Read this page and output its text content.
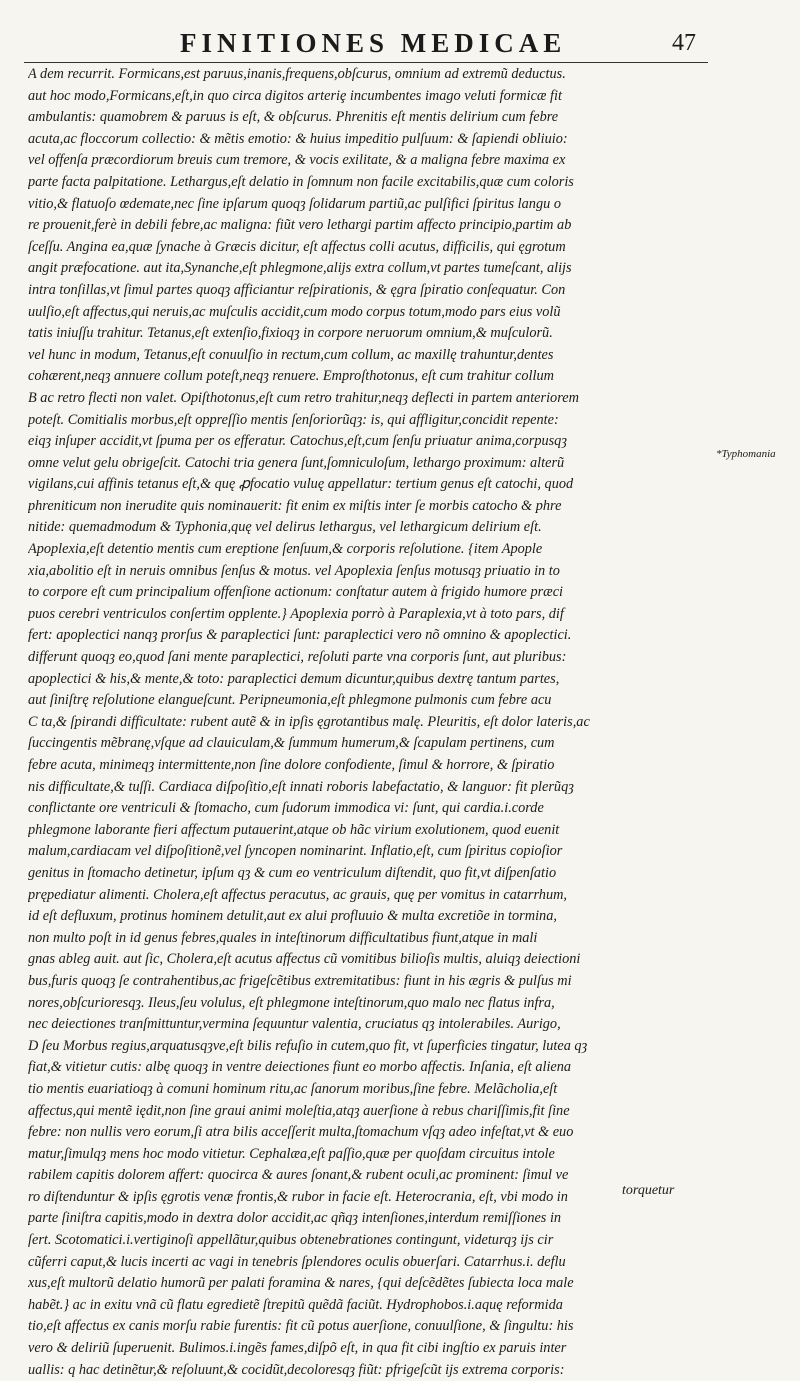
FINITIONES MEDICAE	47
A dem recurrit. Formicans,est paruus,inanis,frequens,obſcurus, omnium ad extremũ deductus.
aut hoc modo,Formicans,eſt,in quo circa digitos arteriȩ incumbentes imago veluti formicæ fit
ambulantis: quamobrem & paruus is eſt, & obſcurus. Phrenitis eſt mentis delirium cum febre
acuta,ac floccorum collectio: & mẽtis emotio: & huius impeditio pulſuum: & ſapiendi obliuio:
vel offenſa præcordiorum breuis cum tremore, & vocis exilitate, & a maligna febre maxima ex
parte facta palpitatione. Lethargus,eſt delatio in ſomnum non facile excitabilis,quæ cum coloris
vitio,& flatuoſo œdemate,nec ſine ipſarum quoqȝ ſolidarum partiũ,ac pulſifici ſpiritus langu o
re prouenit,ferè in debili febre,ac maligna: fiũt vero lethargi partim affecto principio,partim ab
ſceſſu. Angina ea,quæ ſynache à Græcis dicitur, eſt affectus colli acutus, difficilis, qui ęgrotum
angit præfocatione. aut ita,Synanche,eſt phlegmone,alijs extra collum,vt partes tumeſcant, alijs
intra tonſillas,vt ſimul partes quoqȝ afficiantur reſpirationis, & ęgra ſpiratio conſequatur. Con
uulſio,eſt affectus,qui neruis,ac muſculis accidit,cum modo corpus totum,modo pars eius volũ
tatis iniuſſu trahitur. Tetanus,eſt extenſio,fixioqȝ in corpore neruorum omnium,& muſculorũ.
vel hunc in modum, Tetanus,eſt conuulſio in rectum,cum collum, ac maxillę trahuntur,dentes
cohærent,neqȝ annuere collum poteſt,neqȝ renuere. Emproſthotonus, eſt cum trahitur collum
B ac retro flecti non valet. Opiſthotonus,eſt cum retro trahitur,neqȝ deflecti in partem anteriorem
poteſt. Comitialis morbus,eſt oppreſſio mentis ſenſoriorũqȝ: is, qui affligitur,concidit repente:
eiqȝ inſuper accidit,vt ſpuma per os efferatur. Catochus,eſt,cum ſenſu priuatur anima,corpusqȝ
omne velut gelu obrigeſcit. Catochi tria genera ſunt,ſomniculoſum, lethargo proximum: alterũ
vigilans,cui affinis tetanus eſt,& quę ꝓfocatio vuluę appellatur: tertium genus eſt catochi, quod
phreniticum non inerudite quis nominauerit: fit enim ex miſtis inter ſe morbis catocho & phre
nitide: quemadmodum & Typhonia,quę vel delirus lethargus, vel lethargicum delirium eſt.
Apoplexia,eſt detentio mentis cum ereptione ſenſuum,& corporis reſolutione. {item Apople
xia,abolitio eſt in neruis omnibus ſenſus & motus. vel Apoplexia ſenſus motusqȝ priuatio in to
to corpore eſt cum principalium offenſione actionum: conſtatur autem à frigido humore præci
puos cerebri ventriculos conſertim opplente.} Apoplexia porrò à Paraplexia,vt à toto pars, dif
fert: apoplectici nanqȝ prorſus & paraplectici ſunt: paraplectici vero nõ omnino & apoplectici.
differunt quoqȝ eo,quod ſani mente paraplectici, reſoluti parte vna corporis ſunt, aut pluribus:
apoplectici & his,& mente,& toto: paraplectici demum dicuntur,quibus dextrę tantum partes,
aut ſiniſtrę reſolutione elangueſcunt. Peripneumonia,eſt phlegmone pulmonis cum febre acu
C ta,& ſpirandi difficultate: rubent autẽ & in ipſis ęgrotantibus malę. Pleuritis, eſt dolor lateris,ac
ſuccingentis mẽbranę,vſque ad clauiculam,& ſummum humerum,& ſcapulam pertinens, cum
febre acuta, minimeqȝ intermittente,non ſine dolore confodiente, ſimul & horrore, & ſpiratio
nis difficultate,& tuſſi. Cardiaca diſpoſitio,eſt innati roboris labefactatio, & languor: fit plerũqȝ
conflictante ore ventriculi & ſtomacho, cum ſudorum immodica vi: ſunt, qui cardia.i.corde
phlegmone laborante fieri affectum putauerint,atque ob hãc virium exolutionem, quod euenit
malum,cardiacam vel diſpoſitionẽ,vel ſyncopen nominarint. Inflatio,eſt, cum ſpiritus copioſior
genitus in ſtomacho detinetur, ipſum qȝ & cum eo ventriculum diſtendit, quo fit,vt diſpenſatio
prępediatur alimenti. Cholera,eſt affectus peracutus, ac grauis, quę per vomitus in catarrhum,
id eſt defluxum, protinus hominem detulit,aut ex alui profluuio & multa excretiõe in tormina,
non multo poſt in id genus febres,quales in inteſtinorum difficultatibus fiunt,atque in mali
gnas ableg auit. aut ſic, Cholera,eſt acutus affectus cũ vomitibus bilioſis multis, aluiqȝ deiectioni
bus,furis quoqȝ ſe contrahentibus,ac frigeſcẽtibus extremitatibus: fiunt in his ægris & pulſus mi
nores,obſcurioresqȝ. Ileus,ſeu volulus, eſt phlegmone inteſtinorum,quo malo nec flatus infra,
nec deiectiones tranſmittuntur,vermina ſequuntur valentia, cruciatus qȝ intolerabiles. Aurigo,
D ſeu Morbus regius,arquatusqȝve,eſt bilis refuſio in cutem,quo fit, vt ſuperficies tingatur, lutea qȝ
fiat,& vitietur cutis: albę quoqȝ in ventre deiectiones fiunt eo morbo affectis. Inſania, eſt aliena
tio mentis euariatioqȝ à comuni hominum ritu,ac ſanorum moribus,ſine febre. Melãcholia,eſt
affectus,qui mentẽ iędit,non ſine graui animi moleſtia,atqȝ auerſione à rebus chariſſimis,fit ſine
febre: non nullis vero eorum,ſi atra bilis acceſſerit multa,ſtomachum vſqȝ adeo infeſtat,vt & euo
matur,ſimulqȝ mens hoc modo vitietur. Cephalæa,eſt paſſio,quæ per quoſdam circuitus intole
rabilem capitis dolorem affert: quocirca & aures ſonant,& rubent oculi,ac prominent: ſimul ve
ro diſtenduntur & ipſis ęgrotis venæ frontis,& rubor in facie eſt. Heterocrania, eſt, vbi modo in
parte ſiniſtra capitis,modo in dextra dolor accidit,ac qñqȝ intenſiones,interdum remiſſiones in
ſert. Scotomatici.i.vertiginoſi appellãtur,quibus obtenebrationes contingunt, videturqȝ ijs cir
cũferri caput,& lucis incerti ac vagi in tenebris ſplendores oculis obuerſari. Catarrhus.i. deflu
xus,eſt multorũ delatio humorũ per palati foramina & nares, {qui deſcẽdẽtes ſubiecta loca male
habẽt.} ac in exitu vnã cũ flatu egredietẽ ſtrepitũ quẽdã faciũt. Hydrophobos.i.aquę reformida
tio,eſt affectus ex canis morſu rabie furentis: fit cũ potus auerſione, conuulſione, & ſingultu: his
vero & deliriũ ſuperuenit. Bulimos.i.ingẽs fames,diſpõ eſt, in qua fit cibi ingſtio ex paruis inter
uallis: q hac detinẽtur,& reſoluunt,& cocidũt,decoloresqȝ fiũt: pfrigeſcũt ijs extrema corporis:
*Typhomania
torquetur
